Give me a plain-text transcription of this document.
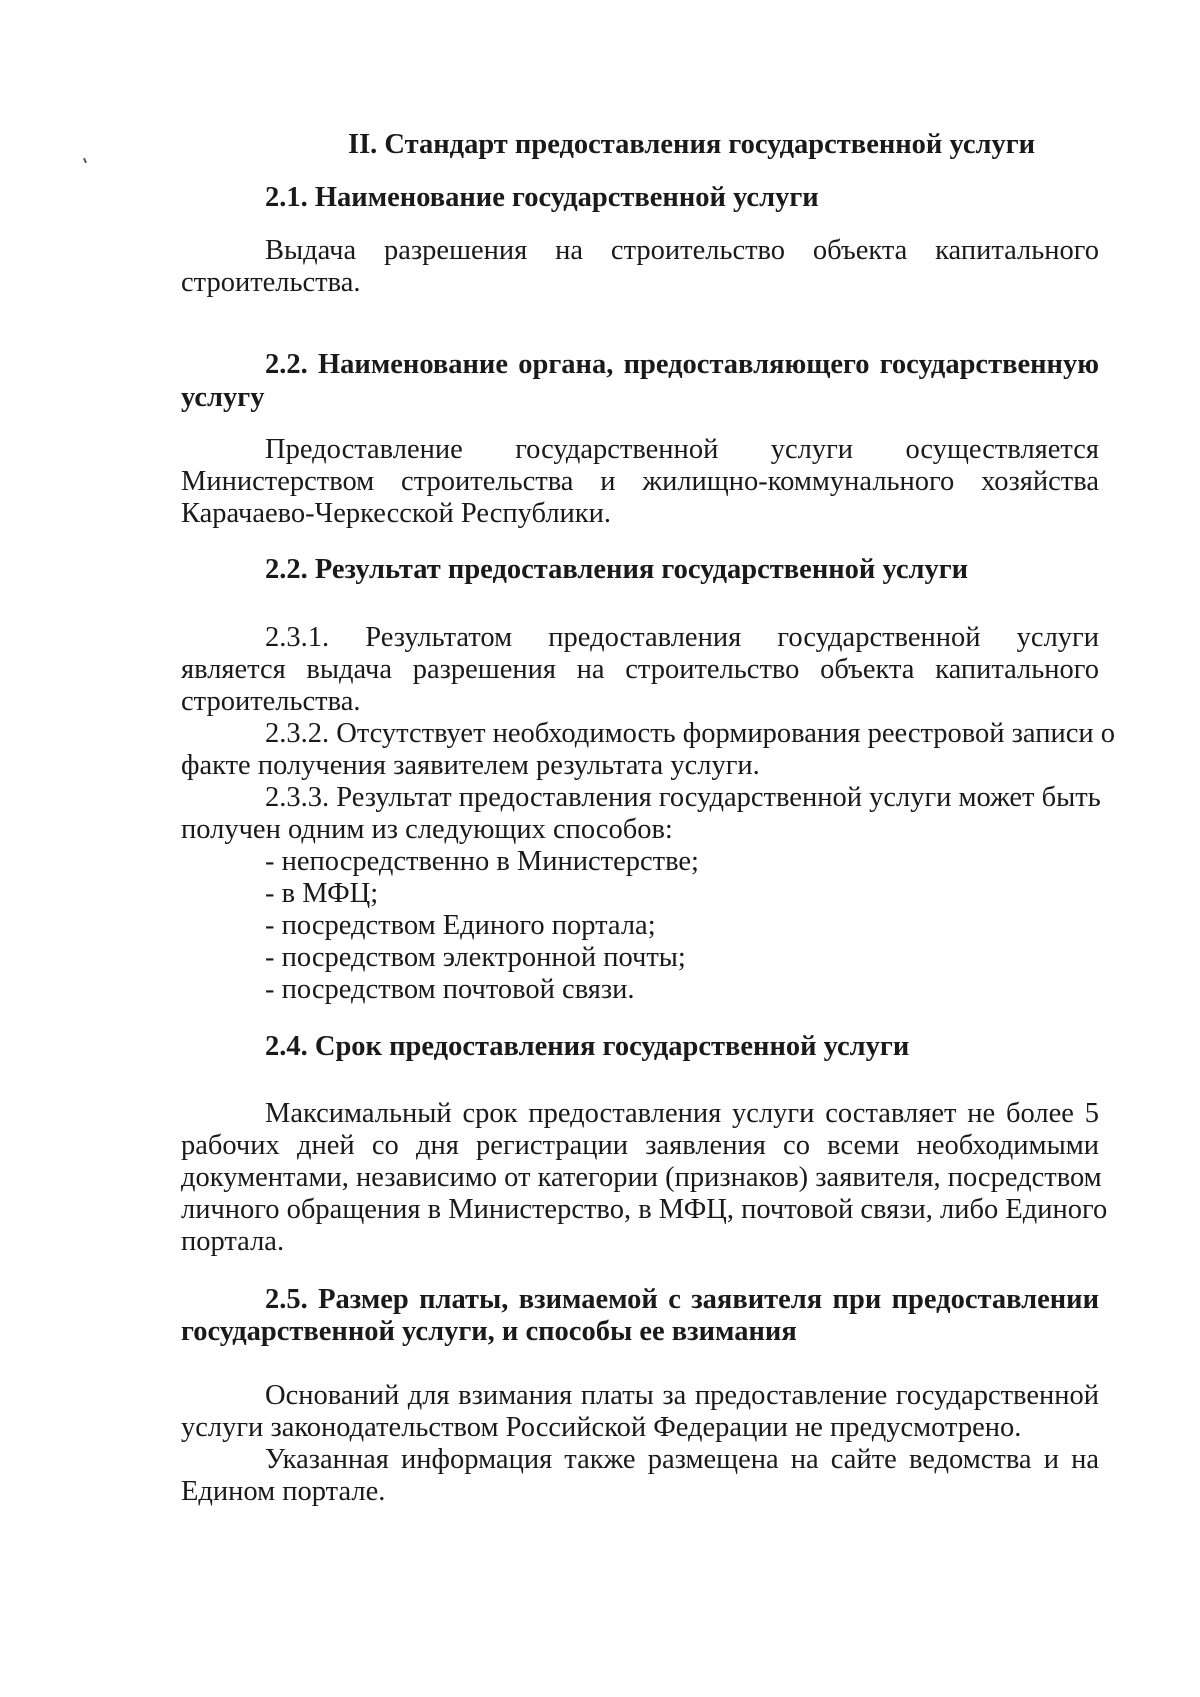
II. Стандарт предоставления государственной услуги
2.1. Наименование государственной услуги
Выдача разрешения на строительство объекта капитального
строительства.
2.2. Наименование органа, предоставляющего государственную
услугу
Предоставление государственной услуги осуществляется
Министерством строительства и жилищно-коммунального хозяйства
Карачаево-Черкесской Республики.
2.2. Результат предоставления государственной услуги
2.3.1. Результатом предоставления государственной услуги
является выдача разрешения на строительство объекта капитального
строительства.
2.3.2. Отсутствует необходимость формирования реестровой записи о
факте получения заявителем результата услуги.
2.3.3. Результат предоставления государственной услуги может быть
получен одним из следующих способов:
- непосредственно в Министерстве;
- в МФЦ;
- посредством Единого портала;
- посредством электронной почты;
- посредством почтовой связи.
2.4. Срок предоставления государственной услуги
Максимальный срок предоставления услуги составляет не более 5
рабочих дней со дня регистрации заявления со всеми необходимыми
документами, независимо от категории (признаков) заявителя, посредством
личного обращения в Министерство, в МФЦ, почтовой связи, либо Единого
портала.
2.5. Размер платы, взимаемой с заявителя при предоставлении
государственной услуги, и способы ее взимания
Оснований для взимания платы за предоставление государственной
услуги законодательством Российской Федерации не предусмотрено.
Указанная информация также размещена на сайте ведомства и на
Едином портале.
